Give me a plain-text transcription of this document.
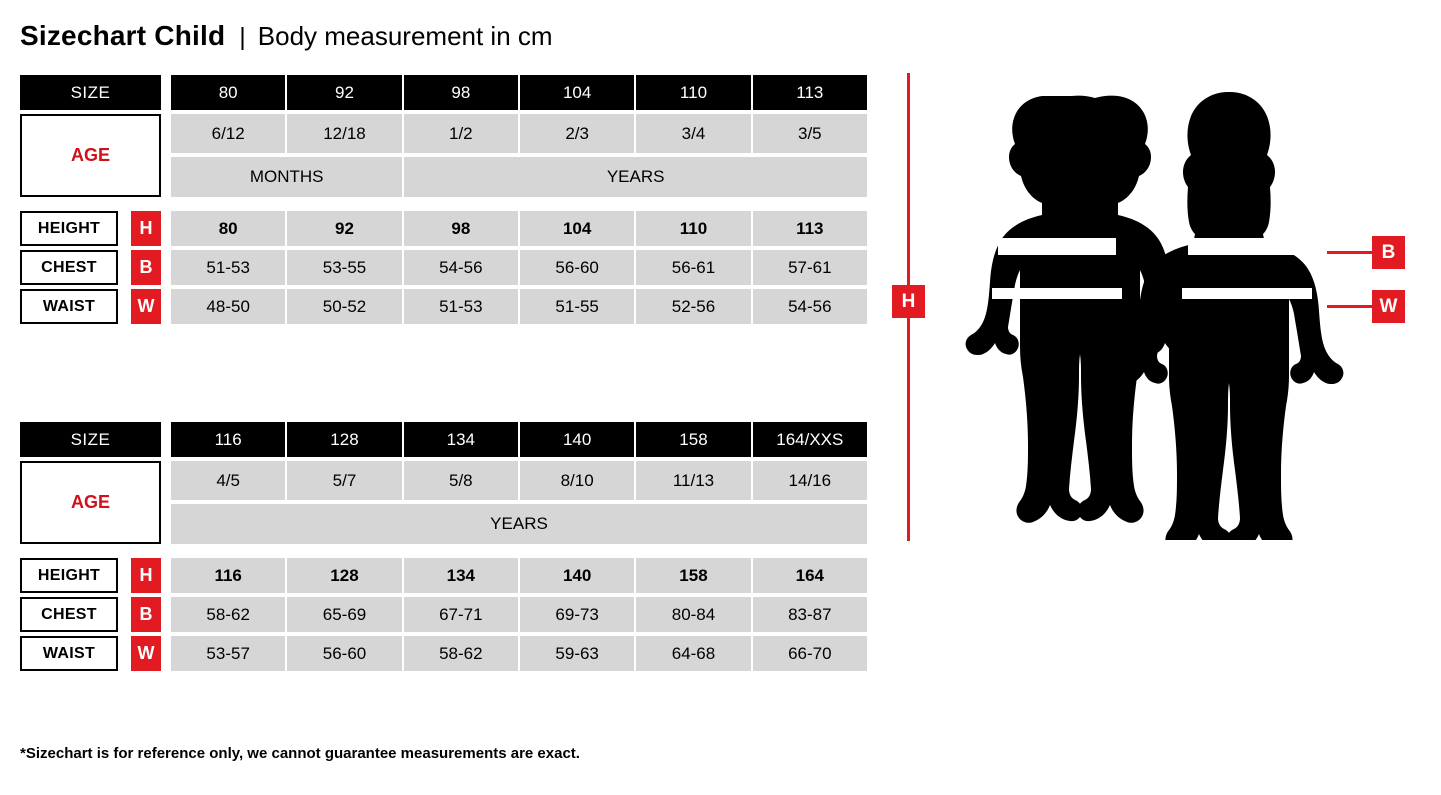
Sizechart Child | Body measurement in cm
SIZE	80	92	98	104	110	113
AGE
6/12	12/18	1/2	2/3	3/4	3/5
MONTHS	YEARS
HEIGHT	H	80	92	98	104	110	113
CHEST	B	51-53	53-55	54-56	56-60	56-61	57-61
WAIST	W	48-50	50-52	51-53	51-55	52-56	54-56
SIZE	116	128	134	140	158	164/XXS
AGE
4/5	5/7	5/8	8/10	11/13	14/16
YEARS
HEIGHT	H	116	128	134	140	158	164
CHEST	B	58-62	65-69	67-71	69-73	80-84	83-87
WAIST	W	53-57	56-60	58-62	59-63	64-68	66-70
*Sizechart is for reference only, we cannot guarantee measurements are exact.
H
B
W
